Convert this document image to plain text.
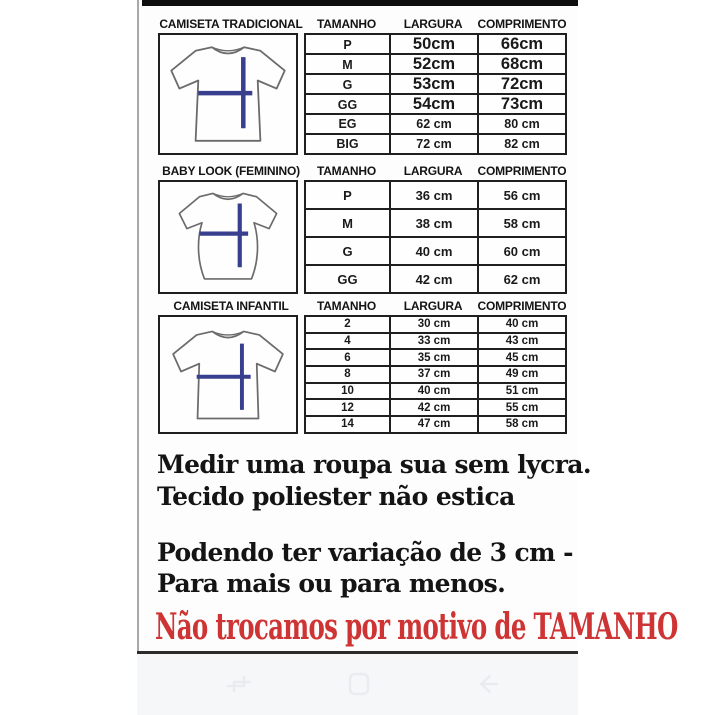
CAMISETA TRADICIONAL	TAMANHO	LARGURA	COMPRIMENTO
P	50cm	66cm
M	52cm	68cm
G	53cm	72cm
GG	54cm	73cm
EG	62 cm	80 cm
BIG	72 cm	82 cm
BABY LOOK (FEMININO)	TAMANHO	LARGURA	COMPRIMENTO
P	36 cm	56 cm
M	38 cm	58 cm
G	40 cm	60 cm
GG	42 cm	62 cm
CAMISETA INFANTIL	TAMANHO	LARGURA	COMPRIMENTO
2	30 cm	40 cm
4	33 cm	43 cm
6	35 cm	45 cm
8	37 cm	49 cm
10	40 cm	51 cm
12	42 cm	55 cm
14	47 cm	58 cm
Medir uma roupa sua sem lycra.
Tecido poliester não estica
Podendo ter variação de 3 cm -
Para mais ou para menos.
Não trocamos por motivo de TAMANHO
